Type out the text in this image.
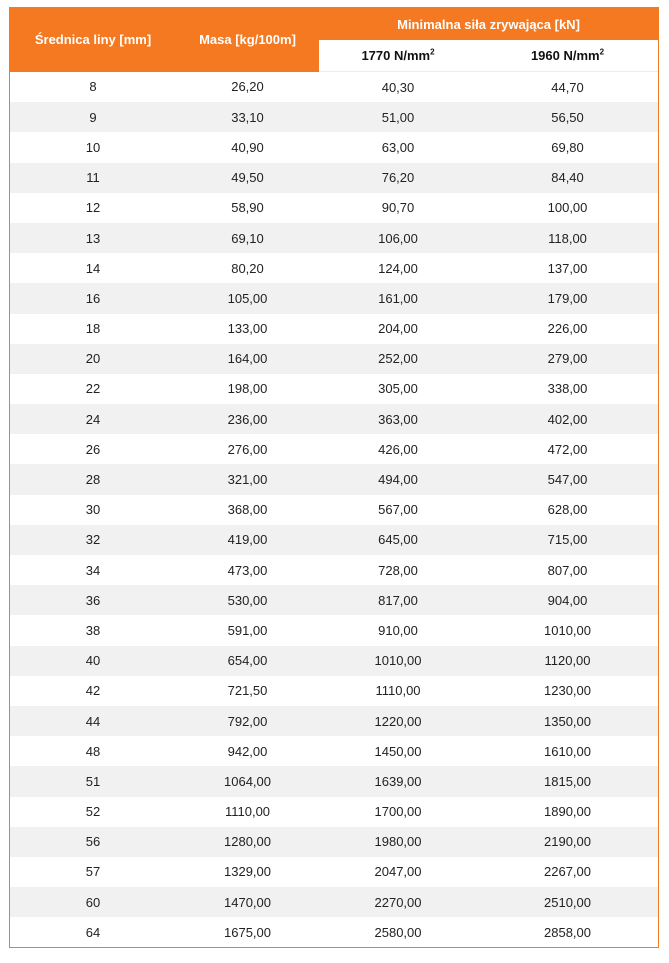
Średnica liny [mm]	Masa [kg/100m]	Minimalna siła zrywająca [kN]	
		1770 $N/mm^2$	1960 $N/mm^2$
8	26,20	40,30	44,70
9	33,10	51,00	56,50
10	40,90	63,00	69,80
11	49,50	76,20	84,40
12	58,90	90,70	100,00
13	69,10	106,00	118,00
14	80,20	124,00	137,00
16	105,00	161,00	179,00
18	133,00	204,00	226,00
20	164,00	252,00	279,00
22	198,00	305,00	338,00
24	236,00	363,00	402,00
26	276,00	426,00	472,00
28	321,00	494,00	547,00
30	368,00	567,00	628,00
32	419,00	645,00	715,00
34	473,00	728,00	807,00
36	530,00	817,00	904,00
38	591,00	910,00	1010,00
40	654,00	1010,00	1120,00
42	721,50	1110,00	1230,00
44	792,00	1220,00	1350,00
48	942,00	1450,00	1610,00
51	1064,00	1639,00	1815,00
52	1110,00	1700,00	1890,00
56	1280,00	1980,00	2190,00
57	1329,00	2047,00	2267,00
60	1470,00	2270,00	2510,00
64	1675,00	2580,00	2858,00
